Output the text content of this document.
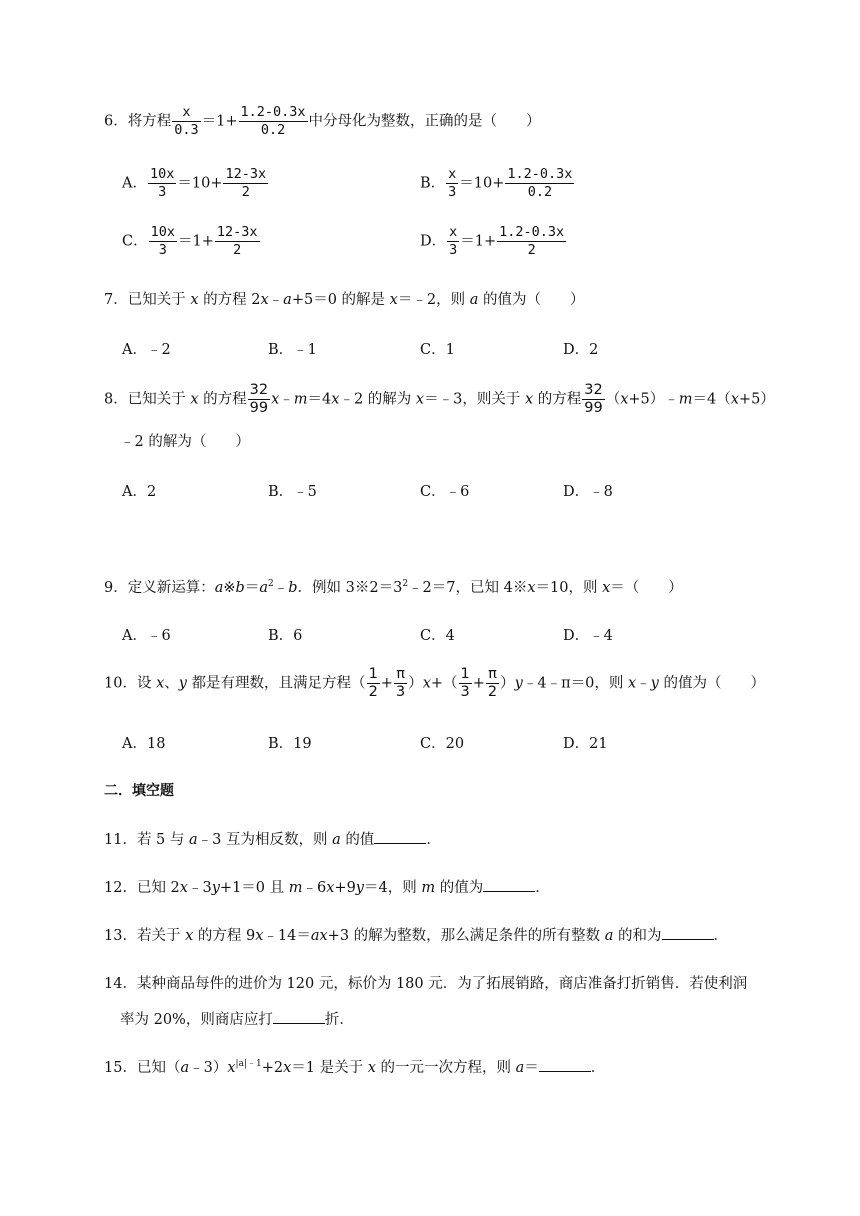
6．将方程 $\frac{x}{0.3} =1+ \frac{1.2-0.3x}{0.2}$ 中分母化为整数，正确的是（　　）
A． $\frac{10x}{3} =10+ \frac{12-3x}{2}$	B． $\frac{x}{3} =10+ \frac{1.2-0.3x}{0.2}$
C． $\frac{10x}{3} =1+ \frac{12-3x}{2}$	D． $\frac{x}{3} =1+ \frac{1.2-0.3x}{2}$
7．已知关于 x 的方程 2x﹣a+5＝0 的解是 x＝﹣2，则 a 的值为（　　）
A．﹣2	B．﹣1	C．1	D．2
8．已知关于 x 的方程 $\frac{32}{99}$ x﹣m＝4x﹣2 的解为 x＝﹣3，则关于 x 的方程 $\frac{32}{99}$ （x+5）﹣m＝4（x+5）
﹣2 的解为（　　）
A．2	B．﹣5	C．﹣6	D．﹣8
9．定义新运算：$a※b=a^2﹣b$．例如 $3※2=3^2﹣2=7$，已知 4※x＝10，则 x＝（　　）
A．﹣6	B．6	C．4	D．﹣4
10．设 x、y 都是有理数，且满足方程（ $\frac{1}{2} + \frac{\pi}{3} )x+( \frac{1}{3} + \frac{\pi}{2}$ ）y﹣4﹣π＝0，则 x﹣y 的值为（　　）
A．18	B．19	C．20	D．21
二．填空题
11．若 5 与 a﹣3 互为相反数，则 a 的值	．
12．已知 2x﹣3y+1＝0 且 m﹣6x+9y＝4，则 m 的值为	．
13．若关于 x 的方程 9x﹣14＝ax+3 的解为整数，那么满足条件的所有整数 a 的和为	．
14．某种商品每件的进价为 120 元，标价为 180 元．为了拓展销路，商店准备打折销售．若使利润
率为 20%，则商店应打	折．
15．已知$(a﹣3)x^{|a|﹣1}+2x=1$ 是关于 x 的一元一次方程，则 a＝	．
